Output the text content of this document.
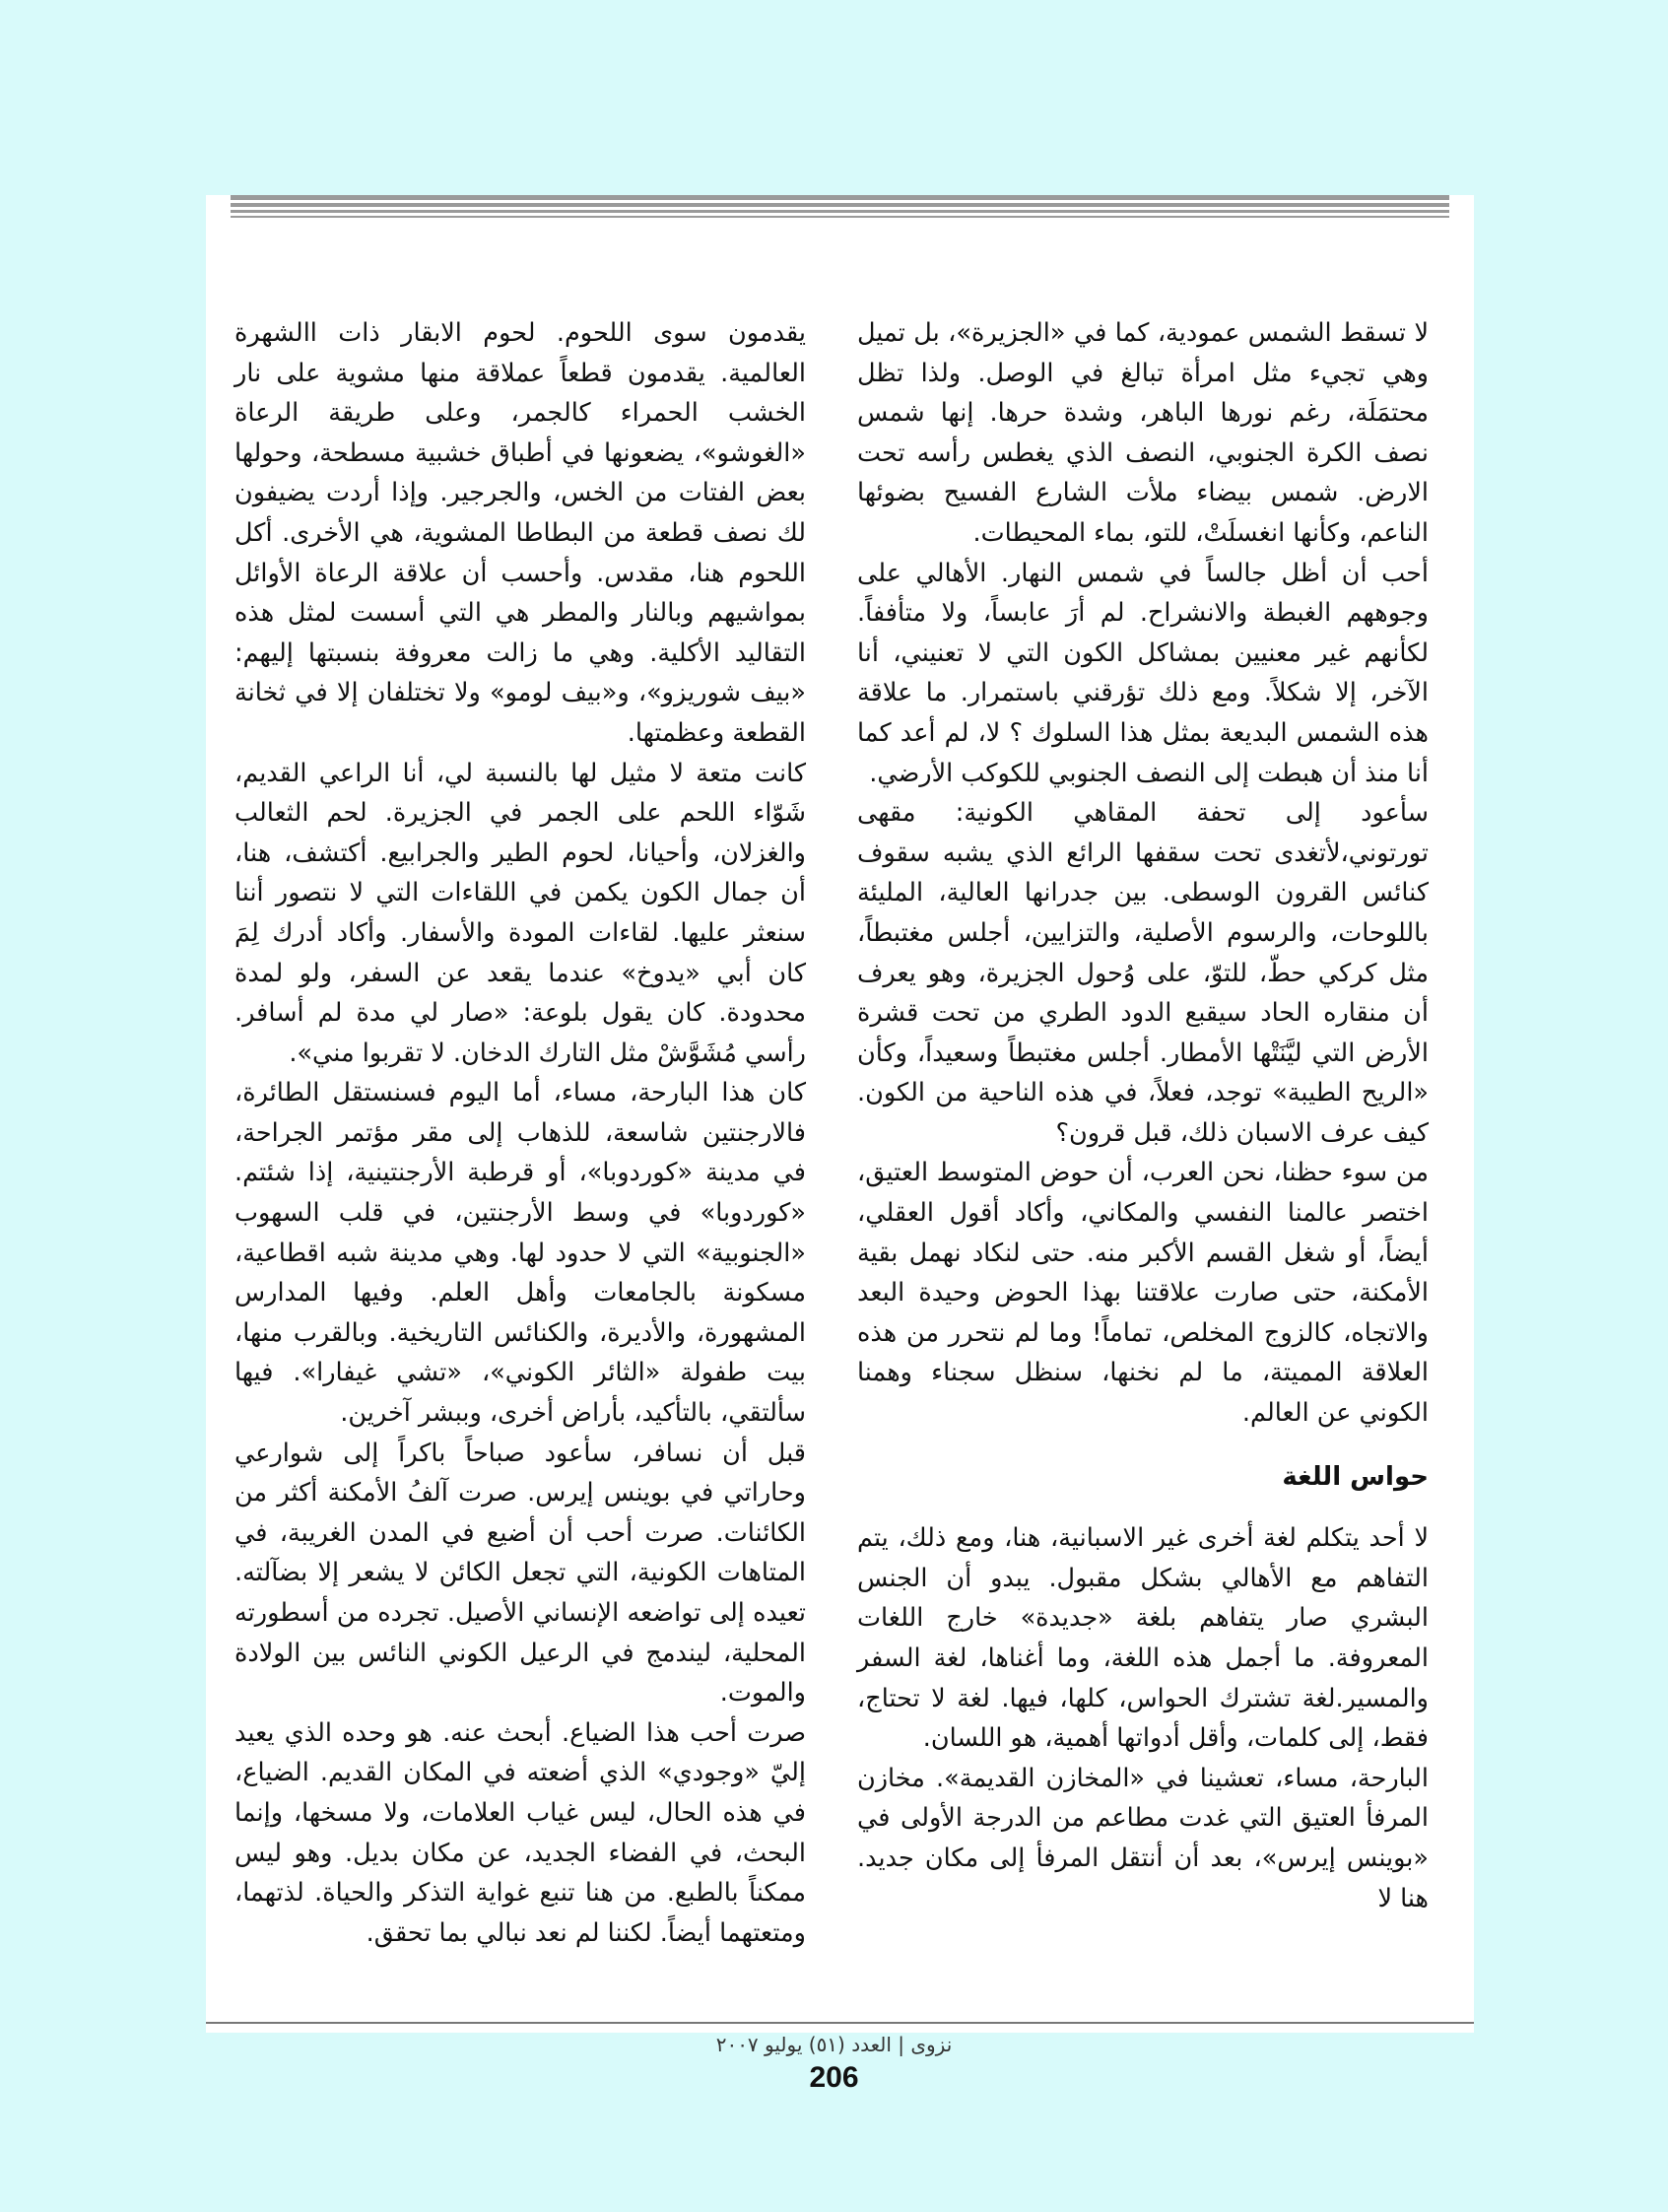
لا تسقط الشمس عمودية، كما في «الجزيرة»، بل تميل وهي تجيء مثل امرأة تبالغ في الوصل. ولذا تظل محتمَلَة، رغم نورها الباهر، وشدة حرها. إنها شمس نصف الكرة الجنوبي، النصف الذي يغطس رأسه تحت الارض. شمس بيضاء ملأت الشارع الفسيح بضوئها الناعم، وكأنها انغسلَتْ، للتو، بماء المحيطات.

أحب أن أظل جالساً في شمس النهار. الأهالي على وجوههم الغبطة والانشراح. لم أرَ عابساً، ولا متأففاً. لكأنهم غير معنيين بمشاكل الكون التي لا تعنيني، أنا الآخر، إلا شكلاً. ومع ذلك تؤرقني باستمرار. ما علاقة هذه الشمس البديعة بمثل هذا السلوك ؟ لا، لم أعد كما أنا منذ أن هبطت إلى النصف الجنوبي للكوكب الأرضي.

سأعود إلى تحفة المقاهي الكونية: مقهى تورتوني،لأتغدى تحت سقفها الرائع الذي يشبه سقوف كنائس القرون الوسطى. بين جدرانها العالية، المليئة باللوحات، والرسوم الأصلية، والتزايين، أجلس مغتبطاً، مثل كركي حطّ، للتوّ، على وُحول الجزيرة، وهو يعرف أن منقاره الحاد سيقبع الدود الطري من تحت قشرة الأرض التي ليَّنَتْها الأمطار. أجلس مغتبطاً وسعيداً، وكأن «الريح الطيبة» توجد، فعلاً، في هذه الناحية من الكون. كيف عرف الاسبان ذلك، قبل قرون؟

من سوء حظنا، نحن العرب، أن حوض المتوسط العتيق، اختصر عالمنا النفسي والمكاني، وأكاد أقول العقلي، أيضاً، أو شغل القسم الأكبر منه. حتى لنكاد نهمل بقية الأمكنة، حتى صارت علاقتنا بهذا الحوض وحيدة البعد والاتجاه، كالزوج المخلص، تماماً! وما لم نتحرر من هذه العلاقة المميتة، ما لم نخنها، سنظل سجناء وهمنا الكوني عن العالم.

حواس اللغة

لا أحد يتكلم لغة أخرى غير الاسبانية، هنا، ومع ذلك، يتم التفاهم مع الأهالي بشكل مقبول. يبدو أن الجنس البشري صار يتفاهم بلغة «جديدة» خارج اللغات المعروفة. ما أجمل هذه اللغة، وما أغناها، لغة السفر والمسير.لغة تشترك الحواس، كلها، فيها. لغة لا تحتاج، فقط، إلى كلمات، وأقل أدواتها أهمية، هو اللسان.

البارحة، مساء، تعشينا في «المخازن القديمة». مخازن المرفأ العتيق التي غدت مطاعم من الدرجة الأولى في «بوينس إيرس»، بعد أن أنتقل المرفأ إلى مكان جديد. هنا لا

يقدمون سوى اللحوم. لحوم الابقار ذات االشهرة العالمية. يقدمون قطعاً عملاقة منها مشوية على نار الخشب الحمراء كالجمر، وعلى طريقة الرعاة «الغوشو»، يضعونها في أطباق خشبية مسطحة، وحولها بعض الفتات من الخس، والجرجير. وإذا أردت يضيفون لك نصف قطعة من البطاطا المشوية، هي الأخرى. أكل اللحوم هنا، مقدس. وأحسب أن علاقة الرعاة الأوائل بمواشيهم وبالنار والمطر هي التي أسست لمثل هذه التقاليد الأكلية. وهي ما زالت معروفة بنسبتها إليهم: «بيف شوريزو»، و«بيف لومو» ولا تختلفان إلا في ثخانة القطعة وعظمتها.

كانت متعة لا مثيل لها بالنسبة لي، أنا الراعي القديم، شَوّاء اللحم على الجمر في الجزيرة. لحم الثعالب والغزلان، وأحيانا، لحوم الطير والجرابيع. أكتشف، هنا، أن جمال الكون يكمن في اللقاءات التي لا نتصور أننا سنعثر عليها. لقاءات المودة والأسفار. وأكاد أدرك لِمَ كان أبي «يدوخ» عندما يقعد عن السفر، ولو لمدة محدودة. كان يقول بلوعة: «صار لي مدة لم أسافر. رأسي مُشَوَّشْ مثل التارك الدخان. لا تقربوا مني».

كان هذا البارحة، مساء، أما اليوم فسنستقل الطائرة، فالارجنتين شاسعة، للذهاب إلى مقر مؤتمر الجراحة، في مدينة «كوردوبا»، أو قرطبة الأرجنتينية، إذا شئتم. «كوردوبا» في وسط الأرجنتين، في قلب السهوب «الجنوبية» التي لا حدود لها. وهي مدينة شبه اقطاعية، مسكونة بالجامعات وأهل العلم. وفيها المدارس المشهورة، والأديرة، والكنائس التاريخية. وبالقرب منها، بيت طفولة «الثائر الكوني»، «تشي غيفارا». فيها سألتقي، بالتأكيد، بأراض أخرى، وببشر آخرين.

قبل أن نسافر، سأعود صباحاً باكراً إلى شوارعي وحاراتي في بوينس إيرس. صرت آلفُ الأمكنة أكثر من الكائنات. صرت أحب أن أضيع في المدن الغريبة، في المتاهات الكونية، التي تجعل الكائن لا يشعر إلا بضآلته. تعيده إلى تواضعه الإنساني الأصيل. تجرده من أسطورته المحلية، ليندمج في الرعيل الكوني النائس بين الولادة والموت.

صرت أحب هذا الضياع. أبحث عنه. هو وحده الذي يعيد إليّ «وجودي» الذي أضعته في المكان القديم. الضياع، في هذه الحال، ليس غياب العلامات، ولا مسخها، وإنما البحث، في الفضاء الجديد، عن مكان بديل. وهو ليس ممكناً بالطبع. من هنا تنبع غواية التذكر والحياة. لذتهما، ومتعتهما أيضاً. لكننا لم نعد نبالي بما تحقق.

نزوى | العدد (٥١) يوليو ٢٠٠٧
206
